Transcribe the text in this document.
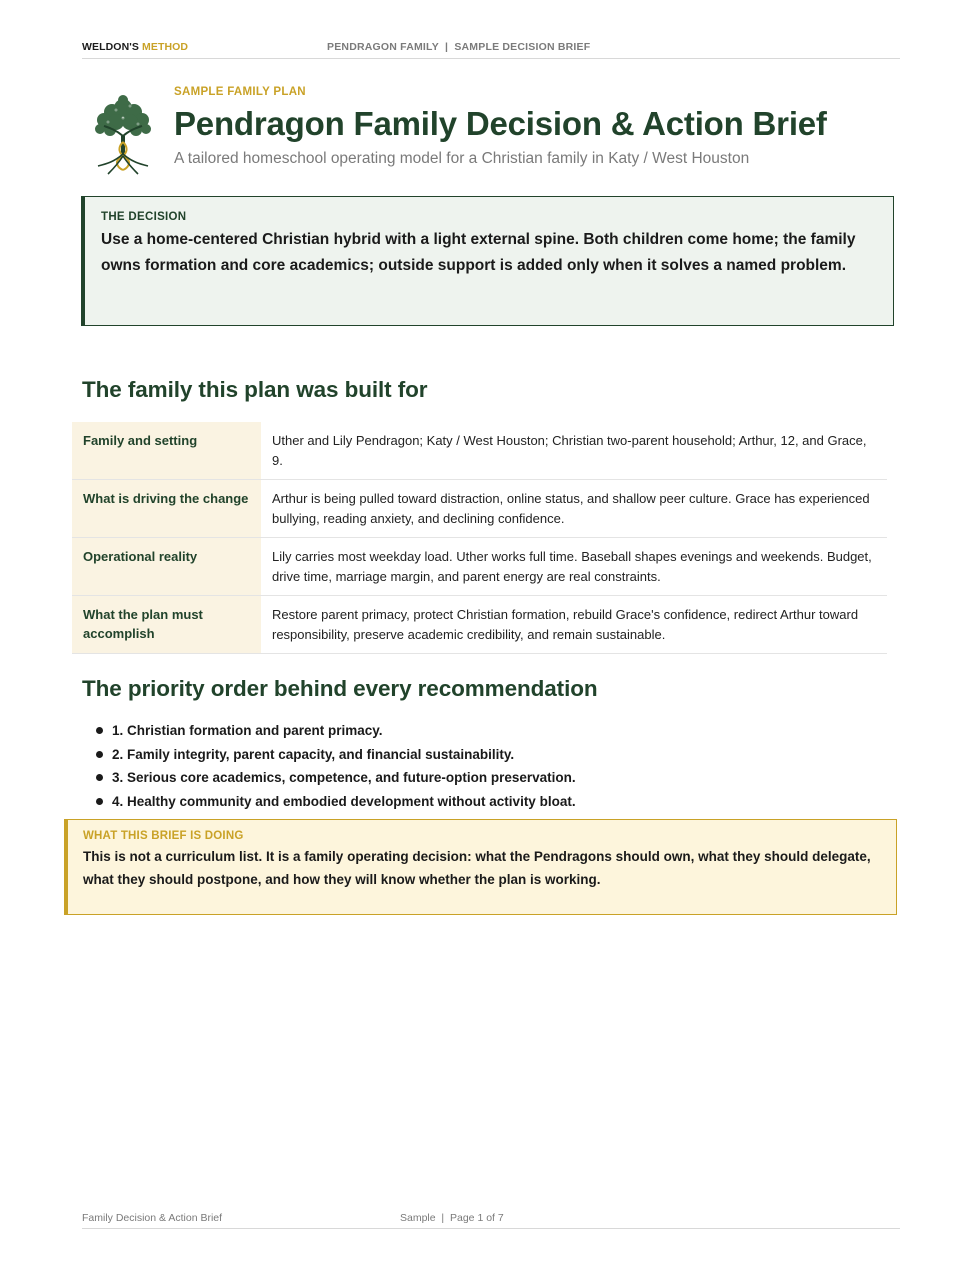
WELDON'S METHOD	PENDRAGON FAMILY  |  SAMPLE DECISION BRIEF
SAMPLE FAMILY PLAN
Pendragon Family Decision & Action Brief
A tailored homeschool operating model for a Christian family in Katy / West Houston
THE DECISION
Use a home-centered Christian hybrid with a light external spine. Both children come home; the family owns formation and core academics; outside support is added only when it solves a named problem.
The family this plan was built for
Family and setting	Uther and Lily Pendragon; Katy / West Houston; Christian two-parent household; Arthur, 12, and Grace, 9.
What is driving the change	Arthur is being pulled toward distraction, online status, and shallow peer culture. Grace has experienced bullying, reading anxiety, and declining confidence.
Operational reality	Lily carries most weekday load. Uther works full time. Baseball shapes evenings and weekends. Budget, drive time, marriage margin, and parent energy are real constraints.
What the plan must accomplish	Restore parent primacy, protect Christian formation, rebuild Grace's confidence, redirect Arthur toward responsibility, preserve academic credibility, and remain sustainable.
The priority order behind every recommendation
1. Christian formation and parent primacy.
2. Family integrity, parent capacity, and financial sustainability.
3. Serious core academics, competence, and future-option preservation.
4. Healthy community and embodied development without activity bloat.
WHAT THIS BRIEF IS DOING
This is not a curriculum list. It is a family operating decision: what the Pendragons should own, what they should delegate, what they should postpone, and how they will know whether the plan is working.
Family Decision & Action Brief	Sample  |  Page 1 of 7
